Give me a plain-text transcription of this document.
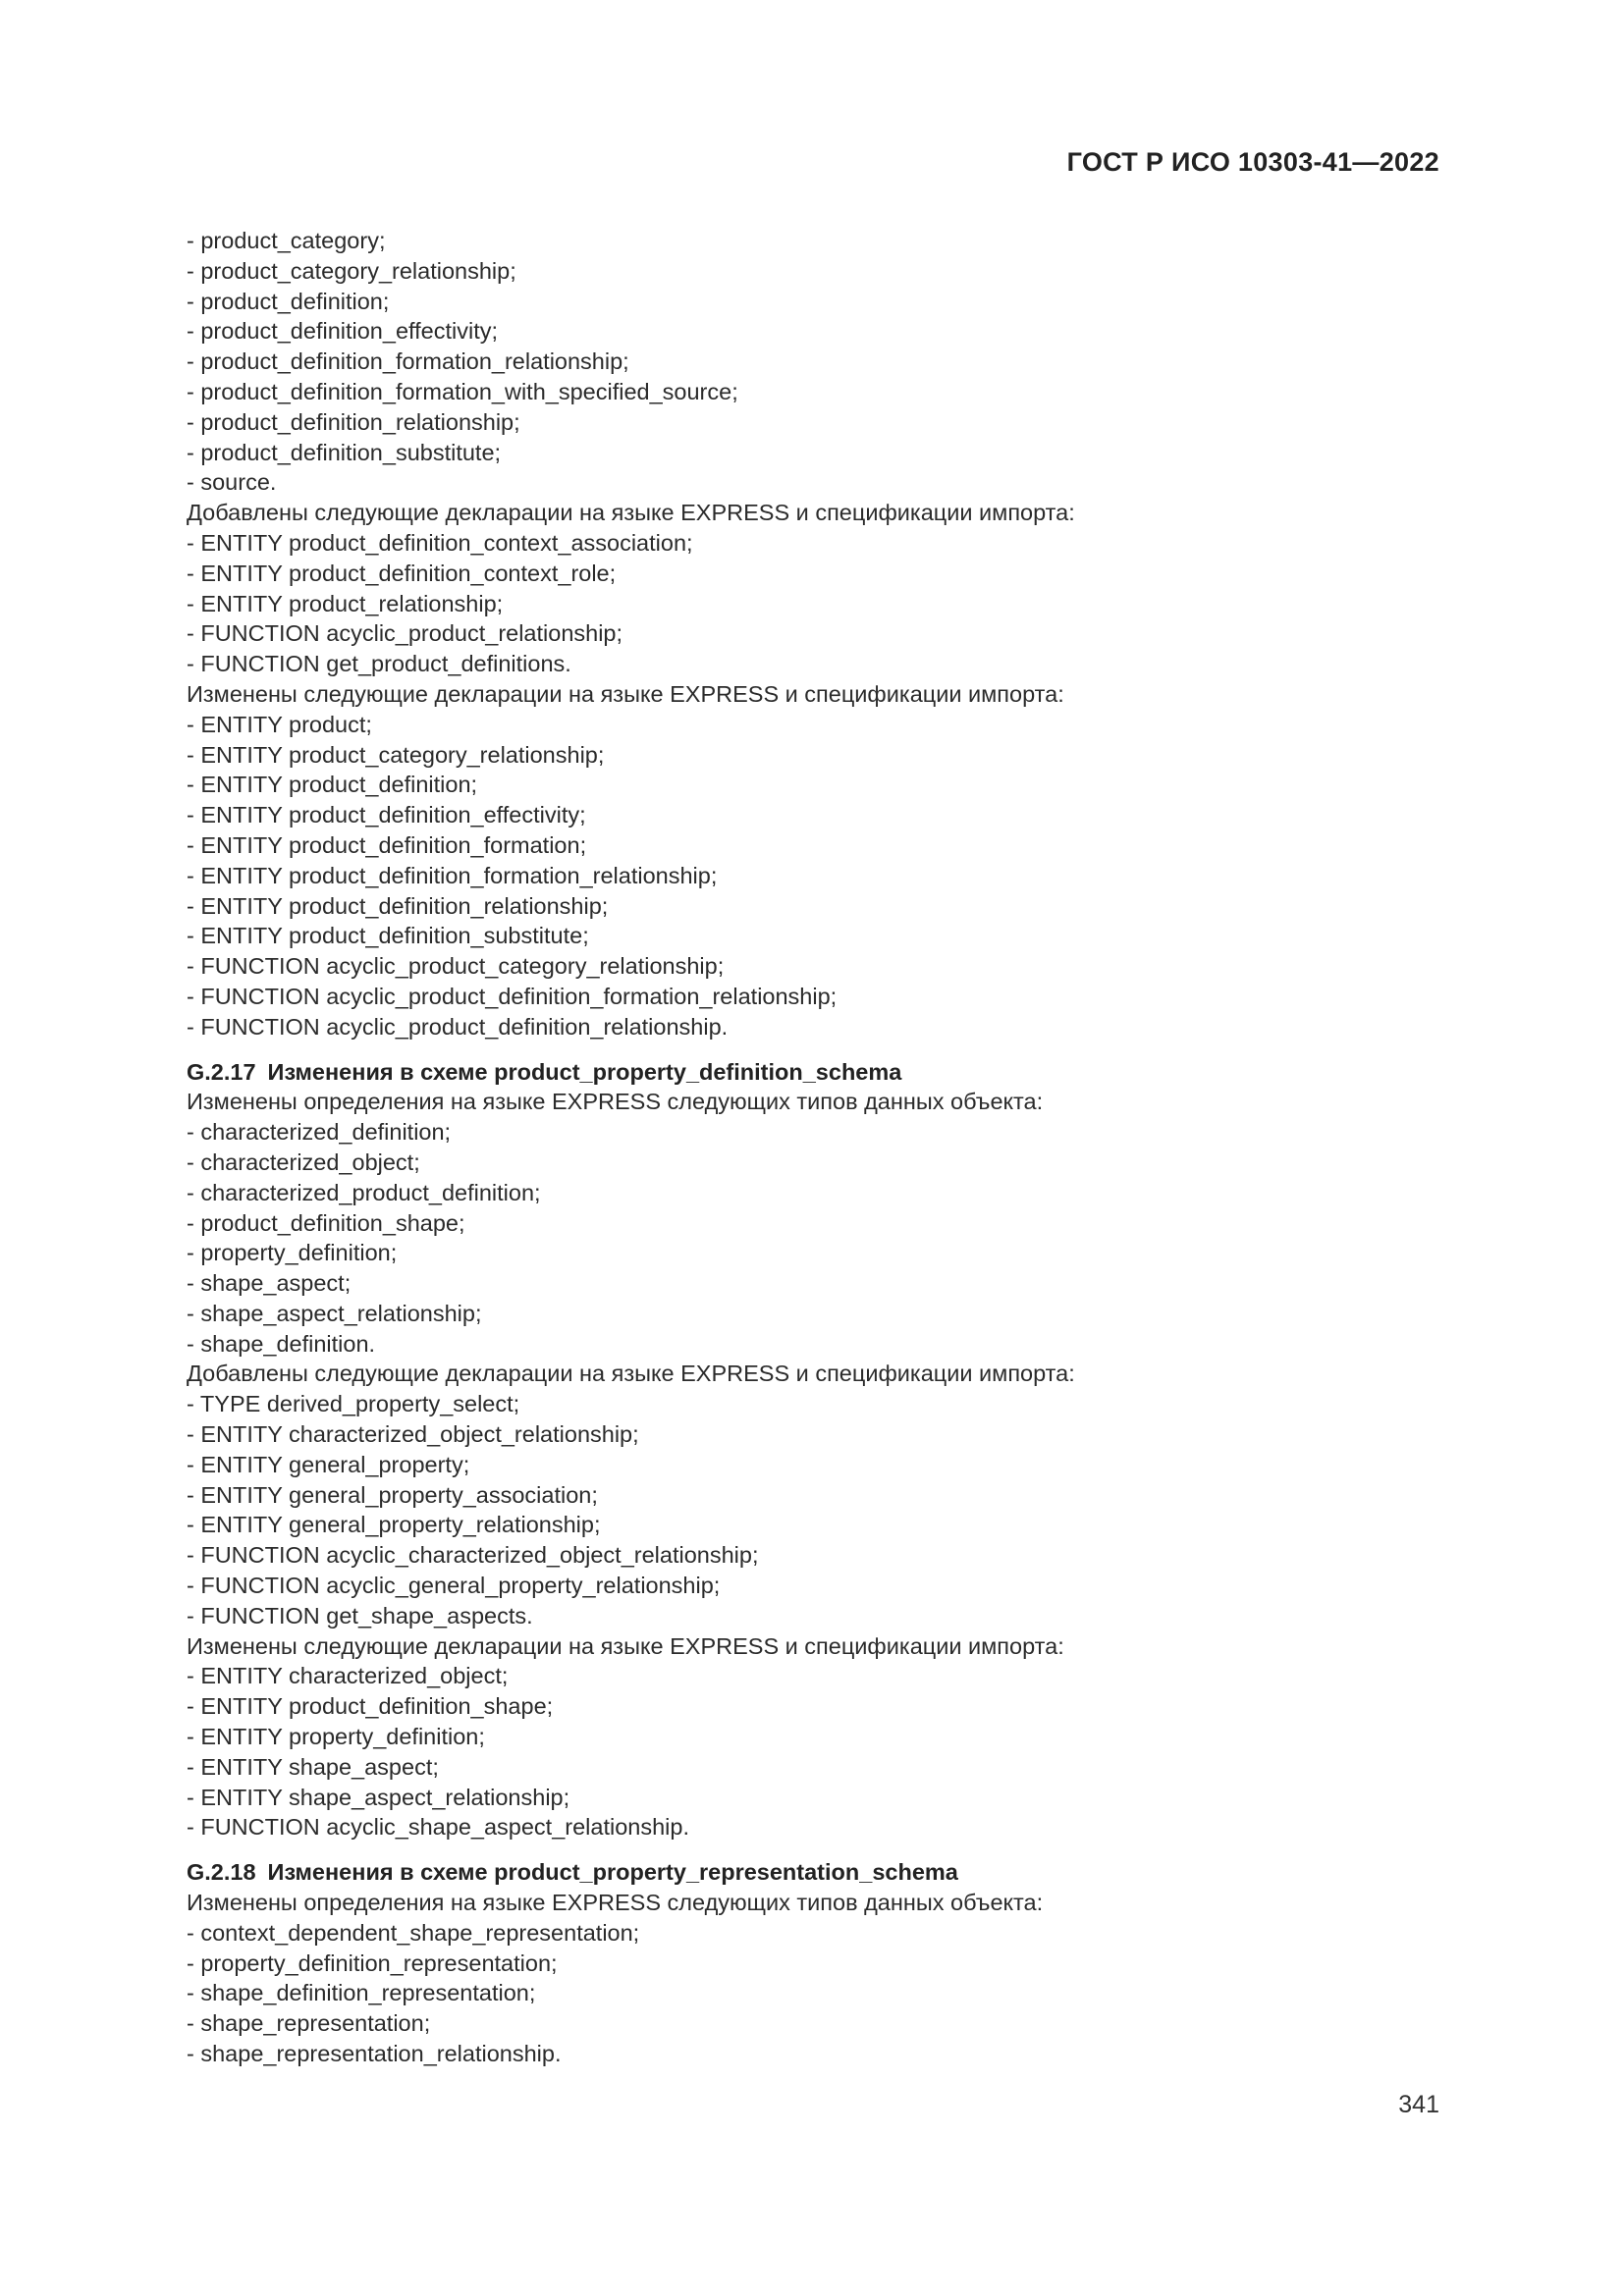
ГОСТ Р ИСО 10303-41—2022
- product_category;
- product_category_relationship;
- product_definition;
- product_definition_effectivity;
- product_definition_formation_relationship;
- product_definition_formation_with_specified_source;
- product_definition_relationship;
- product_definition_substitute;
- source.
Добавлены следующие декларации на языке EXPRESS и спецификации импорта:
- ENTITY product_definition_context_association;
- ENTITY product_definition_context_role;
- ENTITY product_relationship;
- FUNCTION acyclic_product_relationship;
- FUNCTION get_product_definitions.
Изменены следующие декларации на языке EXPRESS и спецификации импорта:
- ENTITY product;
- ENTITY product_category_relationship;
- ENTITY product_definition;
- ENTITY product_definition_effectivity;
- ENTITY product_definition_formation;
- ENTITY product_definition_formation_relationship;
- ENTITY product_definition_relationship;
- ENTITY product_definition_substitute;
- FUNCTION acyclic_product_category_relationship;
- FUNCTION acyclic_product_definition_formation_relationship;
- FUNCTION acyclic_product_definition_relationship.
G.2.17 Изменения в схеме product_property_definition_schema
Изменены определения на языке EXPRESS следующих типов данных объекта:
- characterized_definition;
- characterized_object;
- characterized_product_definition;
- product_definition_shape;
- property_definition;
- shape_aspect;
- shape_aspect_relationship;
- shape_definition.
Добавлены следующие декларации на языке EXPRESS и спецификации импорта:
- TYPE derived_property_select;
- ENTITY characterized_object_relationship;
- ENTITY general_property;
- ENTITY general_property_association;
- ENTITY general_property_relationship;
- FUNCTION acyclic_characterized_object_relationship;
- FUNCTION acyclic_general_property_relationship;
- FUNCTION get_shape_aspects.
Изменены следующие декларации на языке EXPRESS и спецификации импорта:
- ENTITY characterized_object;
- ENTITY product_definition_shape;
- ENTITY property_definition;
- ENTITY shape_aspect;
- ENTITY shape_aspect_relationship;
- FUNCTION acyclic_shape_aspect_relationship.
G.2.18 Изменения в схеме product_property_representation_schema
Изменены определения на языке EXPRESS следующих типов данных объекта:
- context_dependent_shape_representation;
- property_definition_representation;
- shape_definition_representation;
- shape_representation;
- shape_representation_relationship.
341
